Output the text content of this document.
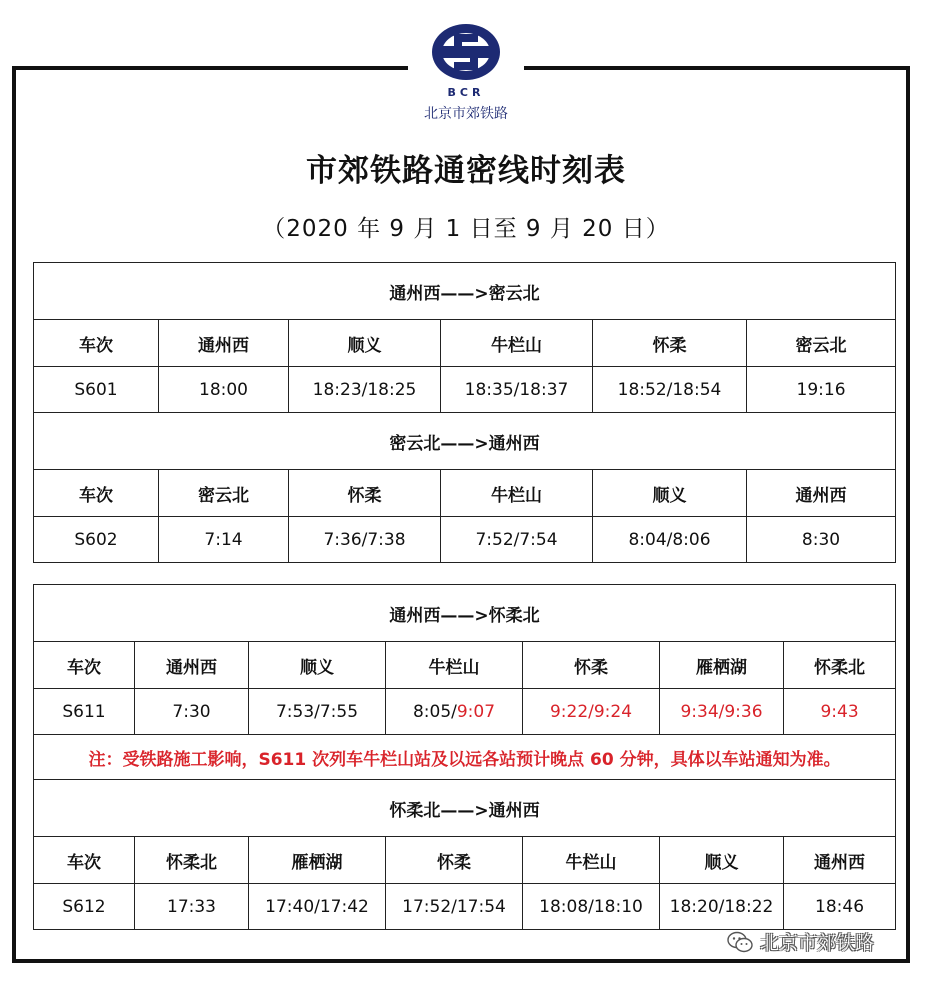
BCR
北京市郊铁路
市郊铁路通密线时刻表
（2020 年 9 月 1 日至 9 月 20 日）
通州西——>密云北					
车次	通州西	顺义	牛栏山	怀柔	密云北
S601	18:00	18:23/18:25	18:35/18:37	18:52/18:54	19:16
密云北——>通州西					
车次	密云北	怀柔	牛栏山	顺义	通州西
S602	7:14	7:36/7:38	7:52/7:54	8:04/8:06	8:30
通州西——>怀柔北						
车次	通州西	顺义	牛栏山	怀柔	雁栖湖	怀柔北
S611	7:30	7:53/7:55	8:05/9:07	9:22/9:24	9:34/9:36	9:43
注：受铁路施工影响，S611 次列车牛栏山站及以远各站预计晚点 60 分钟，具体以车站通知为准。						
怀柔北——>通州西						
车次	怀柔北	雁栖湖	怀柔	牛栏山	顺义	通州西
S612	17:33	17:40/17:42	17:52/17:54	18:08/18:10	18:20/18:22	18:46
北京市郊铁路
